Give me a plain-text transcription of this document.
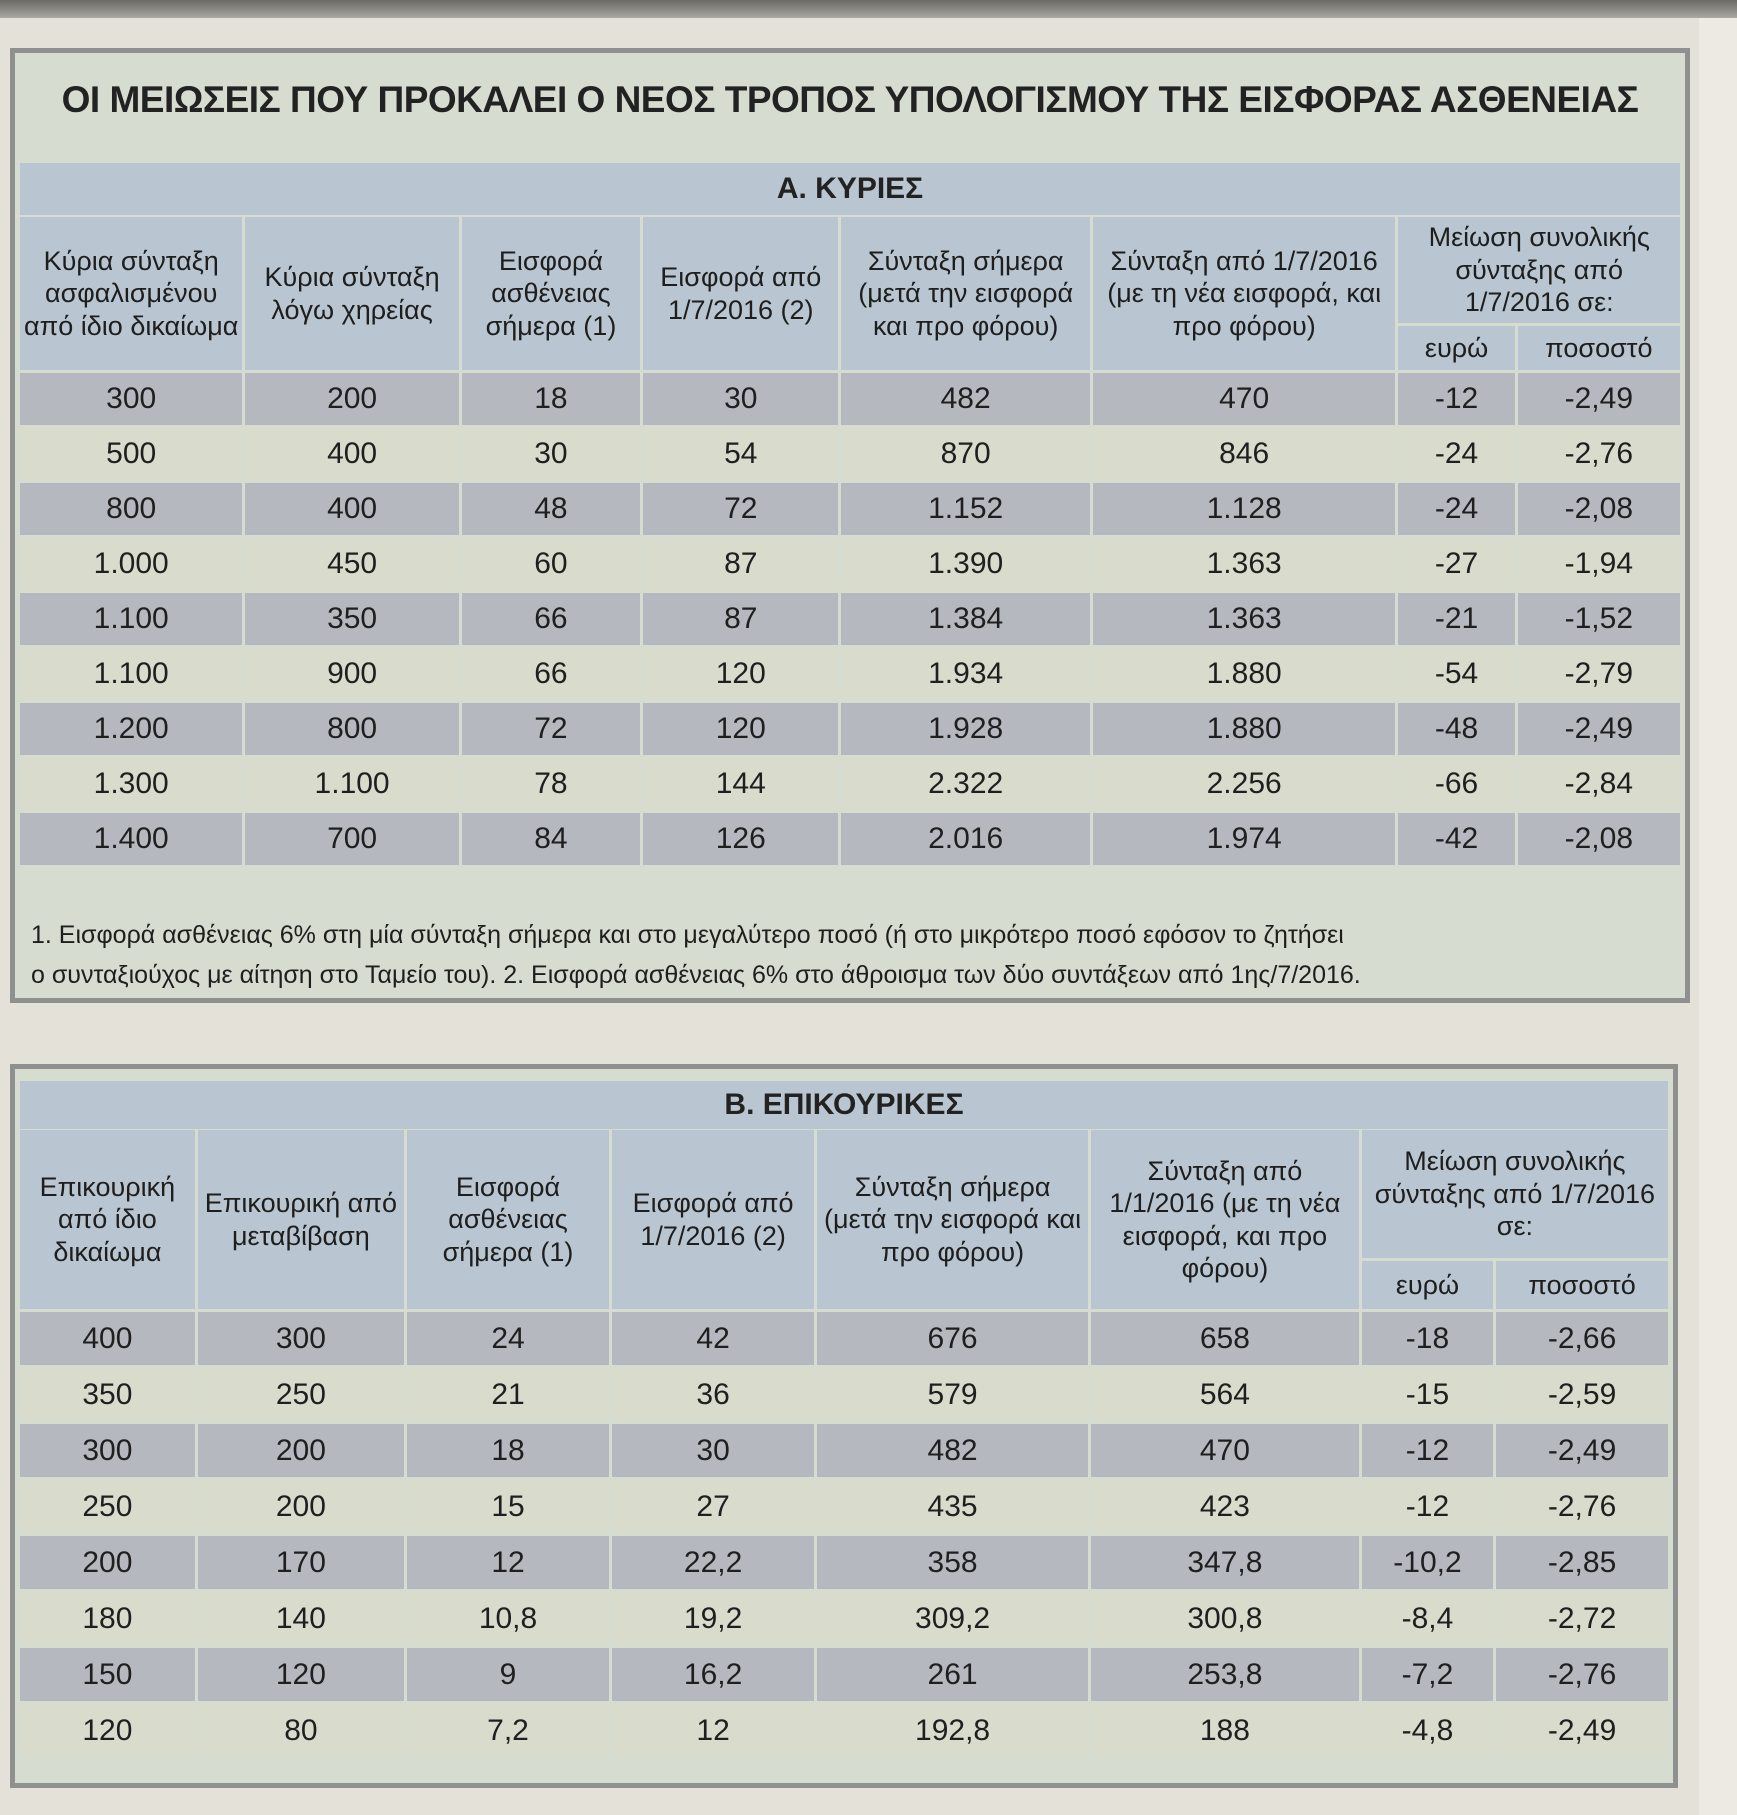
ΟΙ ΜΕΙΩΣΕΙΣ ΠΟΥ ΠΡΟΚΑΛΕΙ Ο ΝΕΟΣ ΤΡΟΠΟΣ ΥΠΟΛΟΓΙΣΜΟΥ ΤΗΣ ΕΙΣΦΟΡΑΣ ΑΣΘΕΝΕΙΑΣ
Α. ΚΥΡΙΕΣ
Κύρια σύνταξη ασφαλισμένου από ίδιο δικαίωμα	Κύρια σύνταξη λόγω χηρείας	Εισφορά ασθένειας σήμερα (1)	Εισφορά από 1/7/2016 (2)	Σύνταξη σήμερα (μετά την εισφορά και προ φόρου)	Σύνταξη από 1/7/2016 (με τη νέα εισφορά, και προ φόρου)	Μείωση συνολικής σύνταξης από 1/7/2016 σε:	
						ευρώ	ποσοστό
300	200	18	30	482	470	-12	-2,49
500	400	30	54	870	846	-24	-2,76
800	400	48	72	1.152	1.128	-24	-2,08
1.000	450	60	87	1.390	1.363	-27	-1,94
1.100	350	66	87	1.384	1.363	-21	-1,52
1.100	900	66	120	1.934	1.880	-54	-2,79
1.200	800	72	120	1.928	1.880	-48	-2,49
1.300	1.100	78	144	2.322	2.256	-66	-2,84
1.400	700	84	126	2.016	1.974	-42	-2,08
1. Εισφορά ασθένειας 6% στη μία σύνταξη σήμερα και στο μεγαλύτερο ποσό (ή στο μικρότερο ποσό εφόσον το ζητήσει
ο συνταξιούχος με αίτηση στο Ταμείο του). 2. Εισφορά ασθένειας 6% στο άθροισμα των δύο συντάξεων από 1ης/7/2016.
Β. ΕΠΙΚΟΥΡΙΚΕΣ
Επικουρική από ίδιο δικαίωμα	Επικουρική από μεταβίβαση	Εισφορά ασθένειας σήμερα (1)	Εισφορά από 1/7/2016 (2)	Σύνταξη σήμερα (μετά την εισφορά και προ φόρου)	Σύνταξη από 1/1/2016 (με τη νέα εισφορά, και προ φόρου)	Μείωση συνολικής σύνταξης από 1/7/2016 σε:	
						ευρώ	ποσοστό
400	300	24	42	676	658	-18	-2,66
350	250	21	36	579	564	-15	-2,59
300	200	18	30	482	470	-12	-2,49
250	200	15	27	435	423	-12	-2,76
200	170	12	22,2	358	347,8	-10,2	-2,85
180	140	10,8	19,2	309,2	300,8	-8,4	-2,72
150	120	9	16,2	261	253,8	-7,2	-2,76
120	80	7,2	12	192,8	188	-4,8	-2,49
